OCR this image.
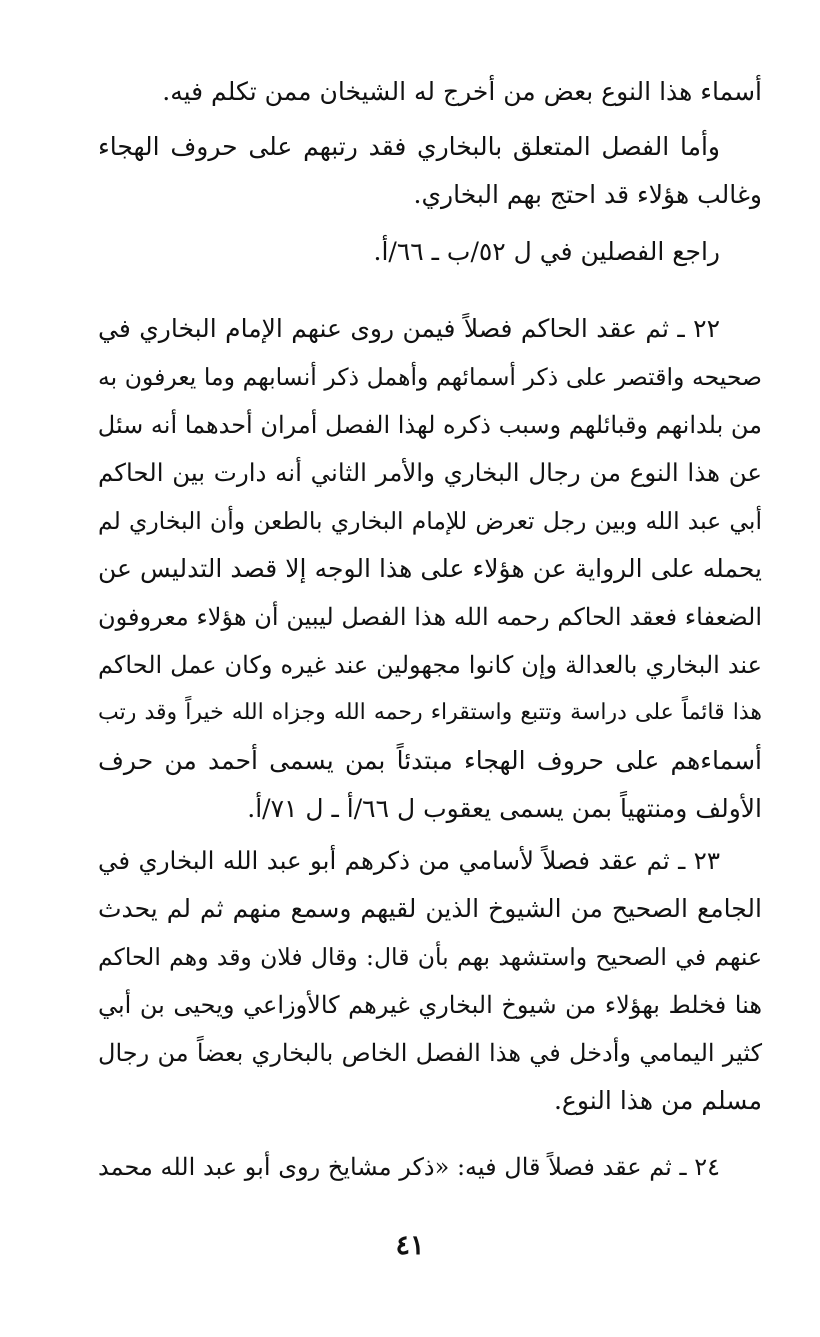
أسماء هذا النوع بعض من أخرج له الشيخان ممن تكلم فيه.
وأما الفصل المتعلق بالبخاري فقد رتبهم على حروف الهجاء
وغالب هؤلاء قد احتج بهم البخاري.
راجع الفصلين في ل ٥٢/ب ـ ٦٦/أ.
٢٢ ـ ثم عقد الحاكم فصلاً فيمن روى عنهم الإمام البخاري في
صحيحه واقتصر على ذكر أسمائهم وأهمل ذكر أنسابهم وما يعرفون به
من بلدانهم وقبائلهم وسبب ذكره لهذا الفصل أمران أحدهما أنه سئل
عن هذا النوع من رجال البخاري والأمر الثاني أنه دارت بين الحاكم
أبي عبد الله وبين رجل تعرض للإمام البخاري بالطعن وأن البخاري لم
يحمله على الرواية عن هؤلاء على هذا الوجه إلا قصد التدليس عن
الضعفاء فعقد الحاكم رحمه الله هذا الفصل ليبين أن هؤلاء معروفون
عند البخاري بالعدالة وإن كانوا مجهولين عند غيره وكان عمل الحاكم
هذا قائماً على دراسة وتتبع واستقراء رحمه الله وجزاه الله خيراً وقد رتب
أسماءهم على حروف الهجاء مبتدئاً بمن يسمى أحمد من حرف
الأولف ومنتهياً بمن يسمى يعقوب ل ٦٦/أ ـ ل ٧١/أ.
٢٣ ـ ثم عقد فصلاً لأسامي من ذكرهم أبو عبد الله البخاري في
الجامع الصحيح من الشيوخ الذين لقيهم وسمع منهم ثم لم يحدث
عنهم في الصحيح واستشهد بهم بأن قال: وقال فلان وقد وهم الحاكم
هنا فخلط بهؤلاء من شيوخ البخاري غيرهم كالأوزاعي ويحيى بن أبي
كثير اليمامي وأدخل في هذا الفصل الخاص بالبخاري بعضاً من رجال
مسلم من هذا النوع.
٢٤ ـ ثم عقد فصلاً قال فيه: «ذكر مشايخ روى أبو عبد الله محمد
٤١
